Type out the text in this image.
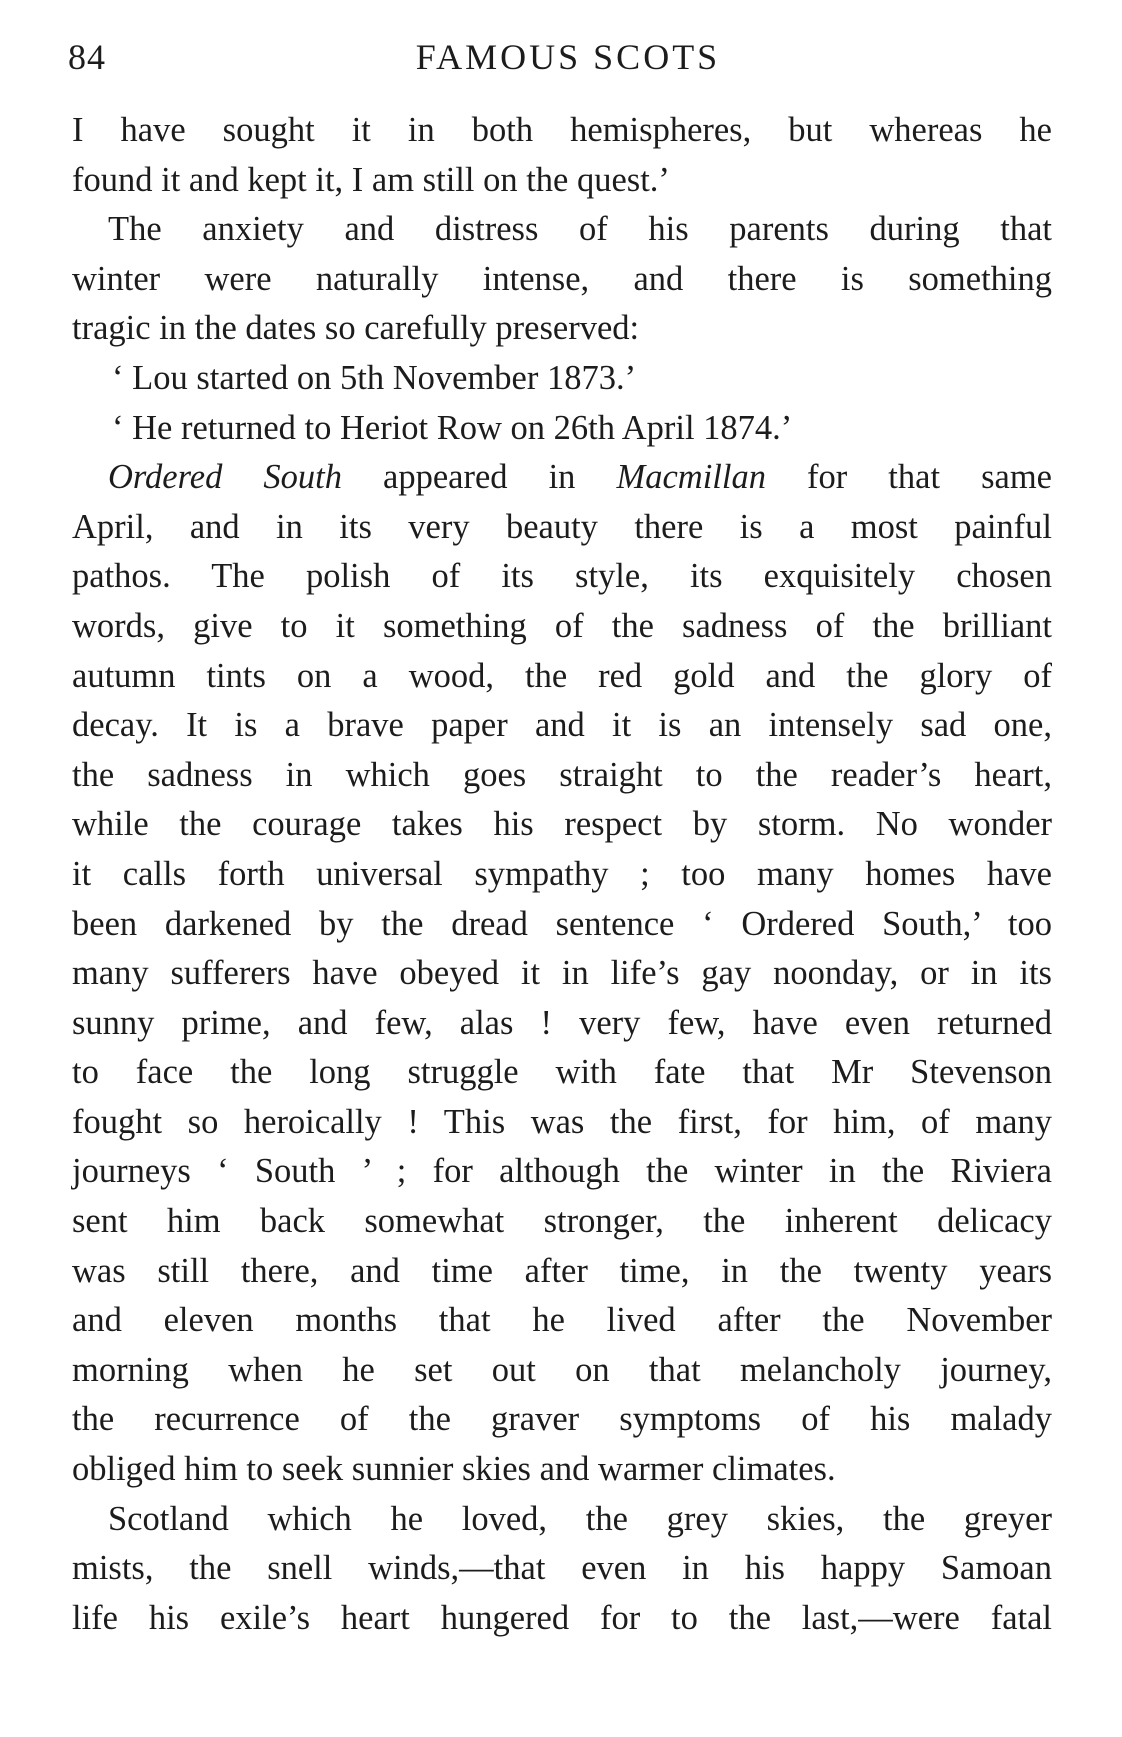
84	FAMOUS SCOTS
I have sought it in both hemispheres, but whereas he
found it and kept it, I am still on the quest.’
The anxiety and distress of his parents during that
winter were naturally intense, and there is something
tragic in the dates so carefully preserved:
‘ Lou started on 5th November 1873.’
‘ He returned to Heriot Row on 26th April 1874.’
Ordered South appeared in Macmillan for that same
April, and in its very beauty there is a most painful
pathos. The polish of its style, its exquisitely chosen
words, give to it something of the sadness of the brilliant
autumn tints on a wood, the red gold and the glory of
decay. It is a brave paper and it is an intensely sad one,
the sadness in which goes straight to the reader’s heart,
while the courage takes his respect by storm. No wonder
it calls forth universal sympathy ; too many homes have
been darkened by the dread sentence ‘ Ordered South,’ too
many sufferers have obeyed it in life’s gay noonday, or in its
sunny prime, and few, alas ! very few, have even returned
to face the long struggle with fate that Mr Stevenson
fought so heroically ! This was the first, for him, of many
journeys ‘ South ’ ; for although the winter in the Riviera
sent him back somewhat stronger, the inherent delicacy
was still there, and time after time, in the twenty years
and eleven months that he lived after the November
morning when he set out on that melancholy journey,
the recurrence of the graver symptoms of his malady
obliged him to seek sunnier skies and warmer climates.
Scotland which he loved, the grey skies, the greyer
mists, the snell winds,—that even in his happy Samoan
life his exile’s heart hungered for to the last,—were fatal
